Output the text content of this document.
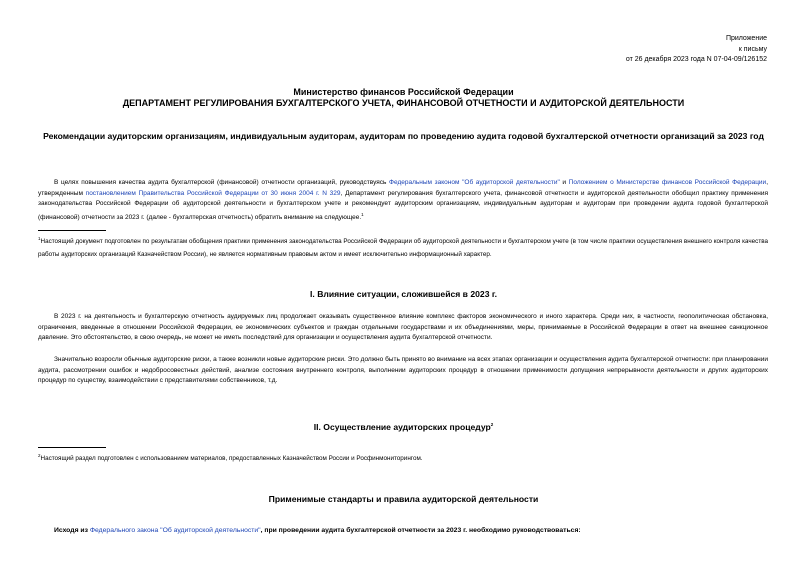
Приложение
к письму
от 26 декабря 2023 года N 07-04-09/126152
Министерство финансов Российской Федерации
ДЕПАРТАМЕНТ РЕГУЛИРОВАНИЯ БУХГАЛТЕРСКОГО УЧЕТА, ФИНАНСОВОЙ ОТЧЕТНОСТИ И АУДИТОРСКОЙ ДЕЯТЕЛЬНОСТИ
Рекомендации аудиторским организациям, индивидуальным аудиторам, аудиторам по проведению аудита годовой бухгалтерской отчетности организаций за 2023 год
В целях повышения качества аудита бухгалтерской (финансовой) отчетности организаций, руководствуясь Федеральным законом "Об аудиторской деятельности" и Положением о Министерстве финансов Российской Федерации, утвержденным постановлением Правительства Российской Федерации от 30 июня 2004 г. N 329, Департамент регулирования бухгалтерского учета, финансовой отчетности и аудиторской деятельности обобщил практику применения законодательства Российской Федерации об аудиторской деятельности и бухгалтерском учете и рекомендует аудиторским организациям, индивидуальным аудиторам и аудиторам при проведении аудита годовой бухгалтерской (финансовой) отчетности за 2023 г. (далее - бухгалтерская отчетность) обратить внимание на следующее.$^1$
$^1$Настоящий документ подготовлен по результатам обобщения практики применения законодательства Российской Федерации об аудиторской деятельности и бухгалтерском учете (в том числе практики осуществления внешнего контроля качества работы аудиторских организаций Казначейством России), не является нормативным правовым актом и имеет исключительно информационный характер.
I. Влияние ситуации, сложившейся в 2023 г.
В 2023 г. на деятельность и бухгалтерскую отчетность аудируемых лиц продолжает оказывать существенное влияние комплекс факторов экономического и иного характера. Среди них, в частности, геополитическая обстановка, ограничения, введенные в отношении Российской Федерации, ее экономических субъектов и граждан отдельными государствами и их объединениями, меры, принимаемые в Российской Федерации в ответ на внешнее санкционное давление. Это обстоятельство, в свою очередь, не может не иметь последствий для организации и осуществления аудита бухгалтерской отчетности.
Значительно возросли обычные аудиторские риски, а также возникли новые аудиторские риски. Это должно быть принято во внимание на всех этапах организации и осуществления аудита бухгалтерской отчетности: при планировании аудита, рассмотрении ошибок и недобросовестных действий, анализе состояния внутреннего контроля, выполнении аудиторских процедур в отношении применимости допущения непрерывности деятельности и других аудиторских процедур по существу, взаимодействии с представителями собственников, т.д.
II. Осуществление аудиторских процедур$^2$
$^2$Настоящий раздел подготовлен с использованием материалов, предоставленных Казначейством России и Росфинмониторингом.
Применимые стандарты и правила аудиторской деятельности
Исходя из Федерального закона "Об аудиторской деятельности", при проведении аудита бухгалтерской отчетности за 2023 г. необходимо руководствоваться:
